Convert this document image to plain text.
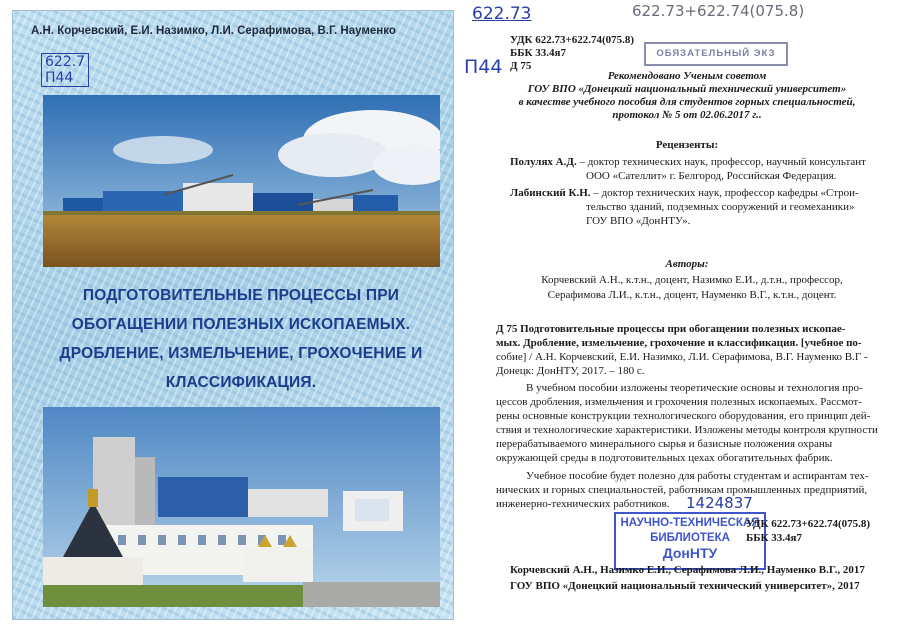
А.Н. Корчевский, Е.И. Назимко, Л.И. Серафимова, В.Г. Науменко
622.7
П44
ПОДГОТОВИТЕЛЬНЫЕ ПРОЦЕССЫ ПРИ
ОБОГАЩЕНИИ ПОЛЕЗНЫХ ИСКОПАЕМЫХ.
ДРОБЛЕНИЕ, ИЗМЕЛЬЧЕНИЕ, ГРОХОЧЕНИЕ И
КЛАССИФИКАЦИЯ.
622.73	622.73+622.74(075.8)
П44
УДК 622.73+622.74(075.8)
ББК 33.4я7
Д 75
ОБЯЗАТЕЛЬНЫЙ ЭКЗ
Рекомендовано Ученым советом
ГОУ ВПО «Донецкий национальный технический университет»
в качестве учебного пособия для студентов горных специальностей,
протокол № 5 от 02.06.2017 г..
Рецензенты:
Полулях А.Д. – доктор технических наук, профессор, научный консультант
ООО «Сателлит» г. Белгород, Российская Федерация.
Лабинский К.Н. – доктор технических наук, профессор кафедры «Строи-
тельство зданий, подземных сооружений и геомеханики»
ГОУ ВПО «ДонНТУ».
Авторы:
Корчевский А.Н., к.т.н., доцент, Назимко Е.И., д.т.н., профессор,
Серафимова Л.И., к.т.н., доцент, Науменко В.Г., к.т.н., доцент.
Д 75 Подготовительные процессы при обогащении полезных ископае-
мых. Дробление, измельчение, грохочение и классификация. [учебное по-
собие] / А.Н. Корчевский, Е.И. Назимко, Л.И. Серафимова, В.Г. Науменко В.Г -
Донецк: ДонНТУ, 2017. – 180 с.
В учебном пособии изложены теоретические основы и технология про-
цессов дробления, измельчения и грохочения полезных ископаемых. Рассмот-
рены основные конструкции технологического оборудования, его принцип дей-
ствия и технологические характеристики. Изложены методы контроля крупности
перерабатываемого минерального сырья и базисные положения охраны
окружающей среды в подготовительных цехах обогатительных фабрик.
Учебное пособие будет полезно для работы студентам и аспирантам тех-
нических и горных специальностей, работникам промышленных предприятий,
инженерно-технических работников. 1424837
НАУЧНО-ТЕХНИЧЕСКАЯ
БИБЛИОТЕКА
ДонНТУ
УДК 622.73+622.74(075.8)
ББК 33.4я7
Корчевский А.Н., Назимко Е.И., Серафимова Л.И., Науменко В.Г., 2017
ГОУ ВПО «Донецкий национальный технический университет», 2017
